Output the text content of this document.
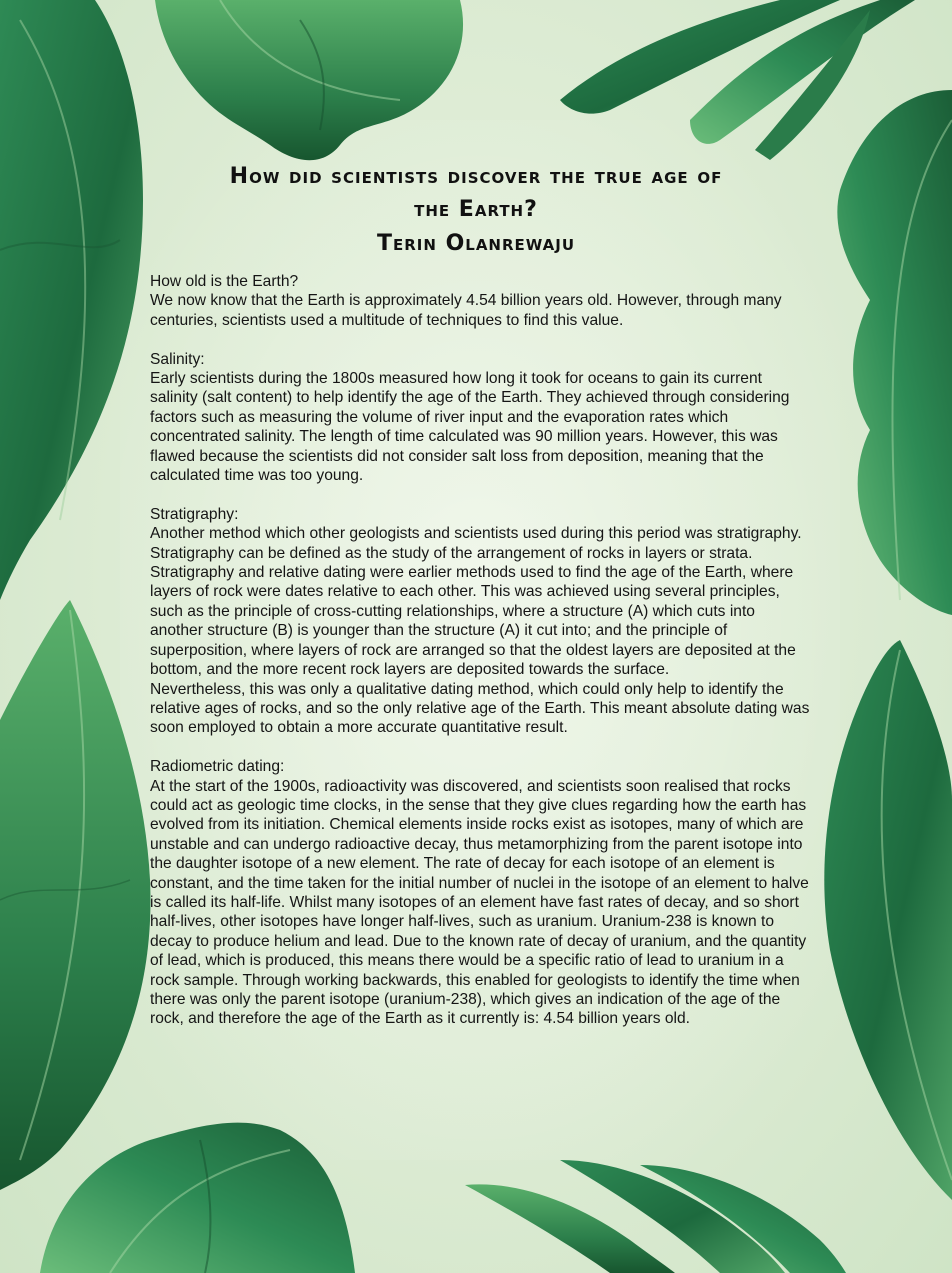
How did scientists discover the true age of
the Earth?
Terin Olanrewaju

How old is the Earth?

We now know that the Earth is approximately 4.54 billion years old. However, through many centuries, scientists used a multitude of techniques to find this value.

Salinity:

Early scientists during the 1800s measured how long it took for oceans to gain its current salinity (salt content) to help identify the age of the Earth. They achieved through considering factors such as measuring the volume of river input and the evaporation rates which concentrated salinity. The length of time calculated was 90 million years. However, this was flawed because the scientists did not consider salt loss from deposition, meaning that the calculated time was too young.

Stratigraphy:

Another method which other geologists and scientists used during this period was stratigraphy. Stratigraphy can be defined as the study of the arrangement of rocks in layers or strata. Stratigraphy and relative dating were earlier methods used to find the age of the Earth, where layers of rock were dates relative to each other. This was achieved using several principles, such as the principle of cross-cutting relationships, where a structure (A) which cuts into another structure (B) is younger than the structure (A) it cut into; and the principle of superposition, where layers of rock are arranged so that the oldest layers are deposited at the bottom, and the more recent rock layers are deposited towards the surface.

Nevertheless, this was only a qualitative dating method, which could only help to identify the relative ages of rocks, and so the only relative age of the Earth. This meant absolute dating was soon employed to obtain a more accurate quantitative result.

Radiometric dating:

At the start of the 1900s, radioactivity was discovered, and scientists soon realised that rocks could act as geologic time clocks, in the sense that they give clues regarding how the earth has evolved from its initiation. Chemical elements inside rocks exist as isotopes, many of which are unstable and can undergo radioactive decay, thus metamorphizing from the parent isotope into the daughter isotope of a new element. The rate of decay for each isotope of an element is constant, and the time taken for the initial number of nuclei in the isotope of an element to halve is called its half-life. Whilst many isotopes of an element have fast rates of decay, and so short half-lives, other isotopes have longer half-lives, such as uranium. Uranium-238 is known to decay to produce helium and lead. Due to the known rate of decay of uranium, and the quantity of lead, which is produced, this means there would be a specific ratio of lead to uranium in a rock sample. Through working backwards, this enabled for geologists to identify the time when there was only the parent isotope (uranium-238), which gives an indication of the age of the rock, and therefore the age of the Earth as it currently is: 4.54 billion years old.
